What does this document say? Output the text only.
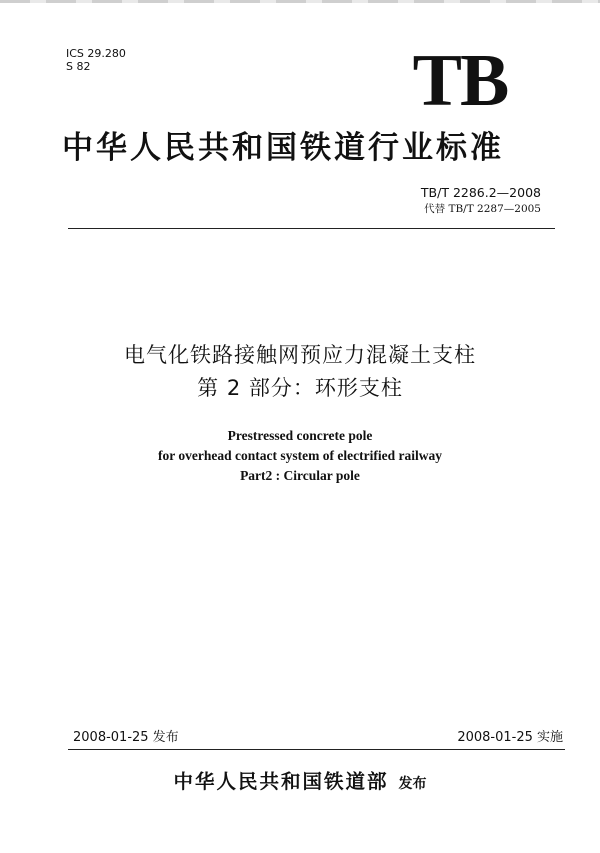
ICS 29.280
S 82	TB
中华人民共和国铁道行业标准
TB/T 2286.2—2008
代替 TB/T 2287—2005
电气化铁路接触网预应力混凝土支柱
第 2 部分：环形支柱
Prestressed concrete pole
for overhead contact system of electrified railway
Part2 : Circular pole
2008-01-25 发布	2008-01-25 实施
中华人民共和国铁道部 发布
